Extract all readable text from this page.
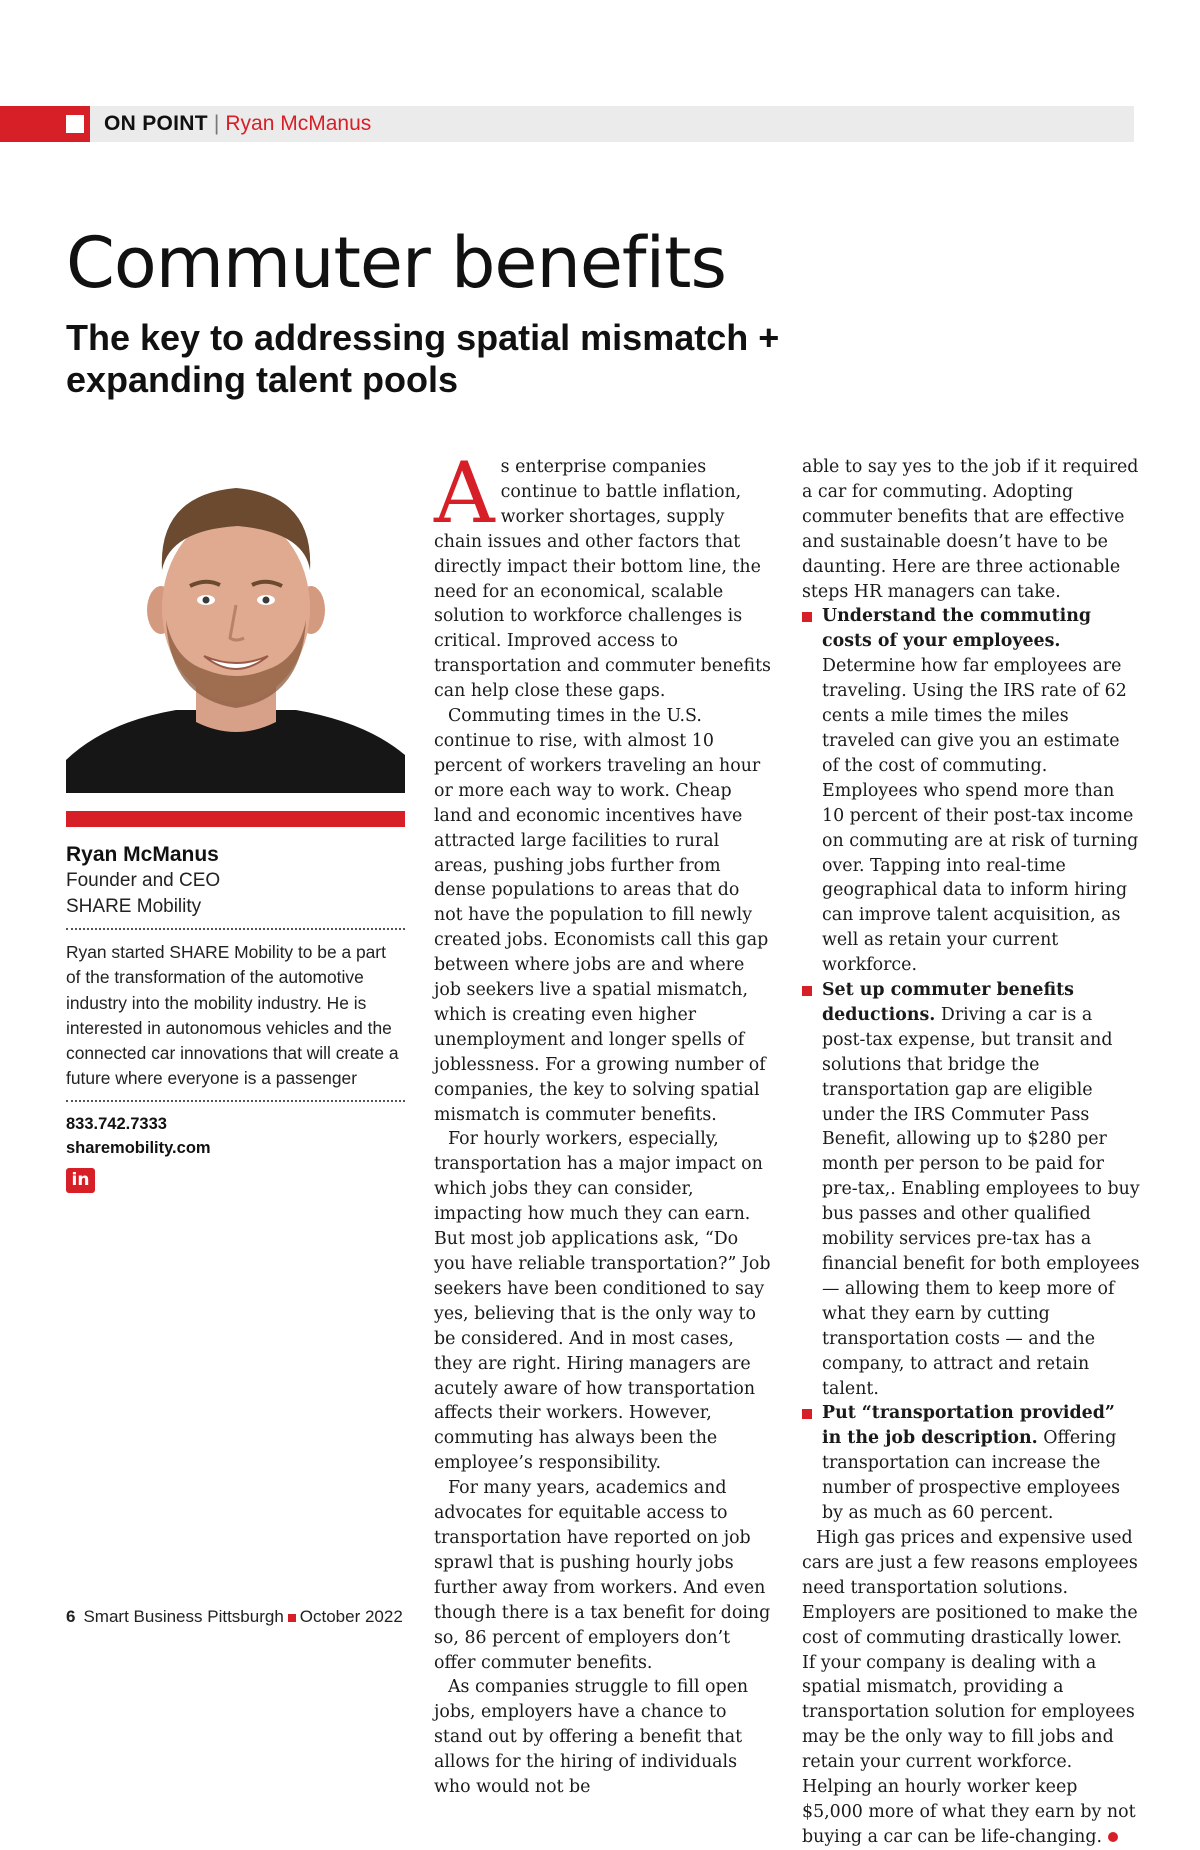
ON POINT | Ryan McManus
Commuter benefits
The key to addressing spatial mismatch + expanding talent pools
Ryan McManus
Founder and CEO
SHARE Mobility
Ryan started SHARE Mobility to be a part of the transformation of the automotive industry into the mobility industry. He is interested in autonomous vehicles and the connected car innovations that will create a future where everyone is a passenger
833.742.7333
sharemobility.com
in

As enterprise companies continue to battle inflation, worker shortages, supply chain issues and other factors that directly impact their bottom line, the need for an economical, scalable solution to workforce challenges is critical. Improved access to transportation and commuter benefits can help close these gaps.

Commuting times in the U.S. continue to rise, with almost 10 percent of workers traveling an hour or more each way to work. Cheap land and economic incentives have attracted large facilities to rural areas, pushing jobs further from dense populations to areas that do not have the population to fill newly created jobs. Economists call this gap between where jobs are and where job seekers live a spatial mismatch, which is creating even higher unemployment and longer spells of joblessness. For a growing number of companies, the key to solving spatial mismatch is commuter benefits.

For hourly workers, especially, transportation has a major impact on which jobs they can consider, impacting how much they can earn. But most job applications ask, “Do you have reliable transportation?” Job seekers have been conditioned to say yes, believing that is the only way to be considered. And in most cases, they are right. Hiring managers are acutely aware of how transportation affects their workers. However, commuting has always been the employee’s responsibility.

For many years, academics and advocates for equitable access to transportation have reported on job sprawl that is pushing hourly jobs further away from workers. And even though there is a tax benefit for doing so, 86 percent of employers don’t offer commuter benefits.

As companies struggle to fill open jobs, employers have a chance to stand out by offering a benefit that allows for the hiring of individuals who would not be

able to say yes to the job if it required a car for commuting. Adopting commuter benefits that are effective and sustainable doesn’t have to be daunting. Here are three actionable steps HR managers can take.

Understand the commuting costs of your employees. Determine how far employees are traveling. Using the IRS rate of 62 cents a mile times the miles traveled can give you an estimate of the cost of commuting. Employees who spend more than 10 percent of their post-tax income on commuting are at risk of turning over. Tapping into real-time geographical data to inform hiring can improve talent acquisition, as well as retain your current workforce.

Set up commuter benefits deductions. Driving a car is a post-tax expense, but transit and solutions that bridge the transportation gap are eligible under the IRS Commuter Pass Benefit, allowing up to $280 per month per person to be paid for pre-tax,. Enabling employees to buy bus passes and other qualified mobility services pre-tax has a financial benefit for both employees — allowing them to keep more of what they earn by cutting transportation costs — and the company, to attract and retain talent.

Put “transportation provided” in the job description. Offering transportation can increase the number of prospective employees by as much as 60 percent.

High gas prices and expensive used cars are just a few reasons employees need transportation solutions. Employers are positioned to make the cost of commuting drastically lower. If your company is dealing with a spatial mismatch, providing a transportation solution for employees may be the only way to fill jobs and retain your current workforce. Helping an hourly worker keep $5,000 more of what they earn by not buying a car can be life-changing.

6 Smart Business Pittsburgh October 2022
